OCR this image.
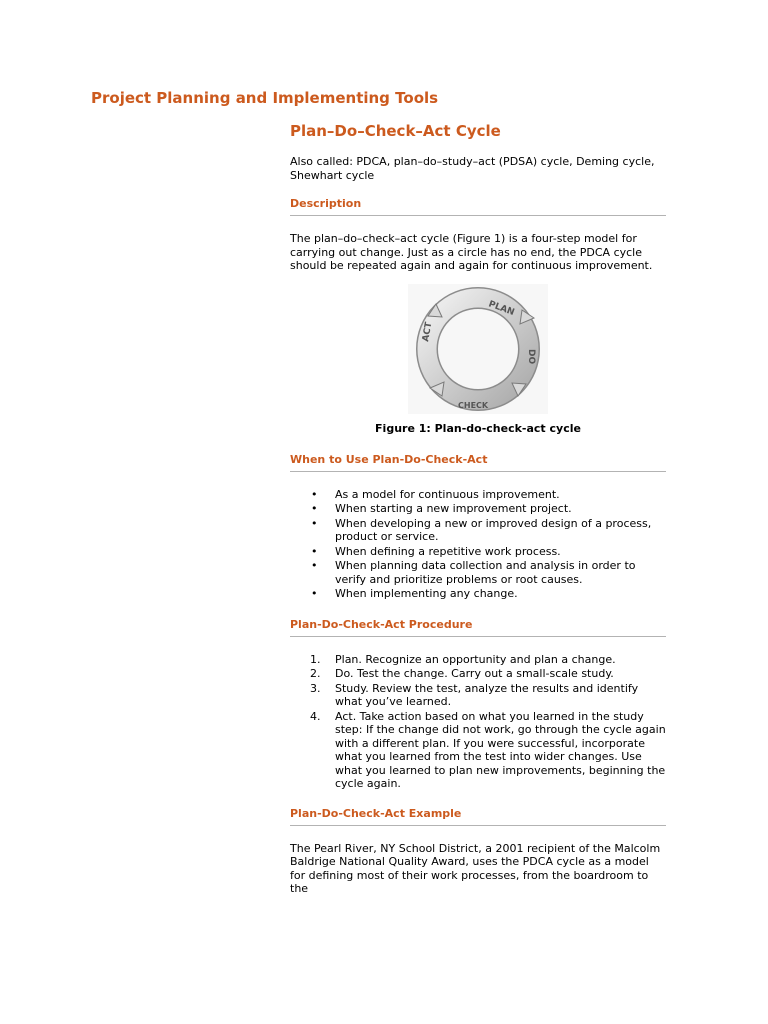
Project Planning and Implementing Tools
Plan–Do–Check–Act Cycle

Also called: PDCA, plan–do–study–act (PDSA) cycle, Deming cycle, Shewhart cycle

Description

The plan–do–check–act cycle (Figure 1) is a four-step model for carrying out change. Just as a circle has no end, the PDCA cycle should be repeated again and again for continuous improvement.

PLAN
DO
CHECK
ACT
Figure 1: Plan-do-check-act cycle
When to Use Plan-Do-Check-Act
• As a model for continuous improvement.
• When starting a new improvement project.
• When developing a new or improved design of a process, product or service.
• When defining a repetitive work process.
• When planning data collection and analysis in order to verify and prioritize problems or root causes.
• When implementing any change.
Plan-Do-Check-Act Procedure
1. Plan. Recognize an opportunity and plan a change.
2. Do. Test the change. Carry out a small-scale study.
3. Study. Review the test, analyze the results and identify what you’ve learned.
4. Act. Take action based on what you learned in the study step: If the change did not work, go through the cycle again with a different plan. If you were successful, incorporate what you learned from the test into wider changes. Use what you learned to plan new improvements, beginning the cycle again.
Plan-Do-Check-Act Example

The Pearl River, NY School District, a 2001 recipient of the Malcolm Baldrige National Quality Award, uses the PDCA cycle as a model for defining most of their work processes, from the boardroom to the
